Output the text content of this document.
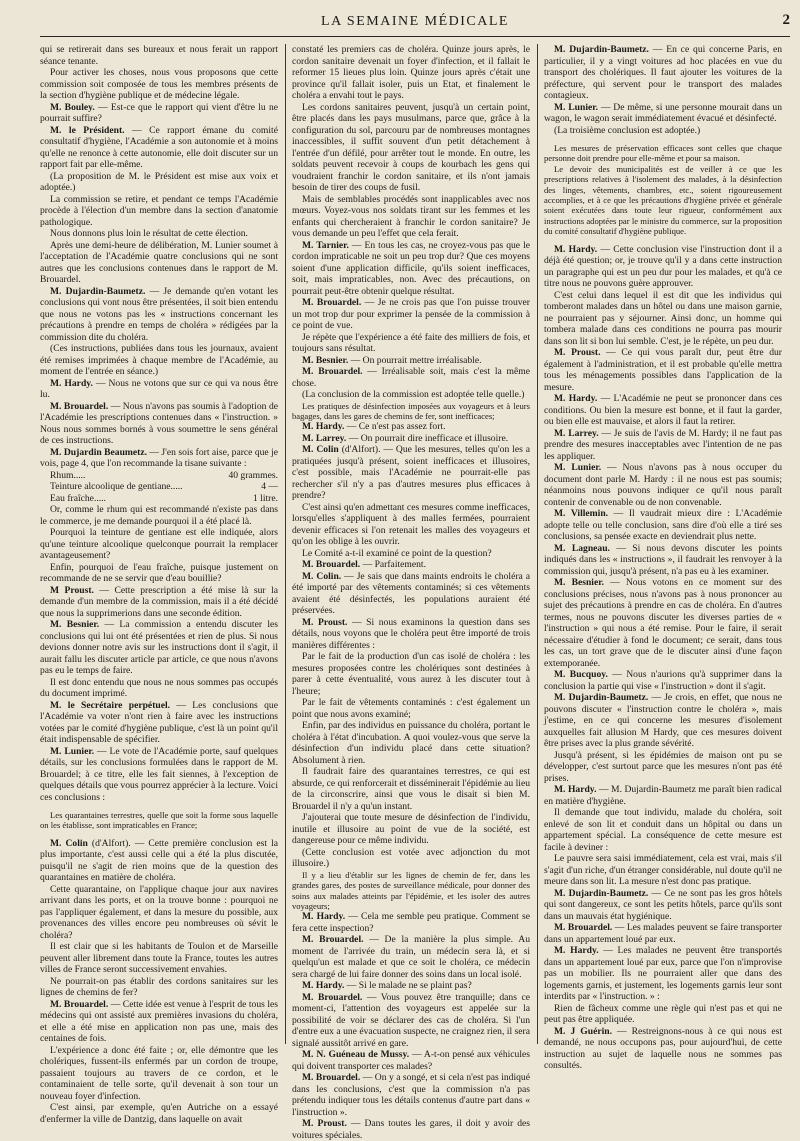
LA SEMAINE MÉDICALE	2

qui se retirerait dans ses bureaux et nous ferait un rapport séance tenante.

Pour activer les choses, nous vous proposons que cette commission soit composée de tous les membres présents de la section d'hygiène publique et de médecine légale.

M. Bouley. — Est-ce que le rapport qui vient d'être lu ne pourrait suffire?

M. le Président. — Ce rapport émane du comité consultatif d'hygiène, l'Académie a son autonomie et à moins qu'elle ne renonce à cette autonomie, elle doit discuter sur un rapport fait par elle-même.

(La proposition de M. le Président est mise aux voix et adoptée.)

La commission se retire, et pendant ce temps l'Académie procède à l'élection d'un membre dans la section d'anatomie pathologique.

Nous donnons plus loin le résultat de cette élection.

Après une demi-heure de délibération, M. Lunier soumet à l'acceptation de l'Académie quatre conclusions qui ne sont autres que les conclusions contenues dans le rapport de M. Brouardel.

M. Dujardin-Baumetz. — Je demande qu'en votant les conclusions qui vont nous être présentées, il soit bien entendu que nous ne votons pas les « instructions concernant les précautions à prendre en temps de choléra » rédigées par la commission dite du choléra.

(Ces instructions, publiées dans tous les journaux, avaient été remises imprimées à chaque membre de l'Académie, au moment de l'entrée en séance.)

M. Hardy. — Nous ne votons que sur ce qui va nous être lu.

M. Brouardel. — Nous n'avons pas soumis à l'adoption de l'Académie les prescriptions contenues dans « l'instruction. » Nous nous sommes bornés à vous soumettre le sens général de ces instructions.

M. Dujardin Beaumetz. — J'en sois fort aise, parce que je vois, page 4, que l'on recommande la tisane suivante :

Rhum.....	40 grammes.

Teinture alcoolique de gentiane.....	4 —

Eau fraîche.....	1 litre.

Or, comme le rhum qui est recommandé n'existe pas dans le commerce, je me demande pourquoi il a été placé là.

Pourquoi la teinture de gentiane est elle indiquée, alors qu'une teinture alcoolique quelconque pourrait la remplacer avantageusement?

Enfin, pourquoi de l'eau fraîche, puisque justement on recommande de ne se servir que d'eau bouillie?

M Proust. — Cette prescription a été mise là sur la demande d'un membre de la commission, mais il a été décidé que nous la supprimerions dans une seconde édition.

M. Besnier. — La commission a entendu discuter les conclusions qui lui ont été présentées et rien de plus. Si nous devions donner notre avis sur les instructions dont il s'agit, il aurait fallu les discuter article par article, ce que nous n'avons pas eu le temps de faire.

Il est donc entendu que nous ne nous sommes pas occupés du document imprimé.

M. le Secrétaire perpétuel. — Les conclusions que l'Académie va voter n'ont rien à faire avec les instructions votées par le comité d'hygiène publique, c'est là un point qu'il était indispensable de spécifier.

M. Lunier. — Le vote de l'Académie porte, sauf quelques détails, sur les conclusions formulées dans le rapport de M. Brouardel; à ce titre, elle les fait siennes, à l'exception de quelques détails que vous pourrez apprécier à la lecture. Voici ces conclusions :

Les quarantaines terrestres, quelle que soit la forme sous laquelle on les établisse, sont impraticables en France;

M. Colin (d'Alfort). — Cette première conclusion est la plus importante, c'est aussi celle qui a été la plus discutée, puisqu'il ne s'agit de rien moins que de la question des quarantaines en matière de choléra.

Cette quarantaine, on l'applique chaque jour aux navires arrivant dans les ports, et on la trouve bonne : pourquoi ne pas l'appliquer également, et dans la mesure du possible, aux provenances des villes encore peu nombreuses où sévit le choléra?

Il est clair que si les habitants de Toulon et de Marseille peuvent aller librement dans toute la France, toutes les autres villes de France seront successivement envahies.

Ne pourrait-on pas établir des cordons sanitaires sur les lignes de chemins de fer?

M. Brouardel. — Cette idée est venue à l'esprit de tous les médecins qui ont assisté aux premières invasions du choléra, et elle a été mise en application non pas une, mais des centaines de fois.

L'expérience a donc été faite ; or, elle démontre que les cholériques, fussent-ils enfermés par un cordon de troupe, passaient toujours au travers de ce cordon, et le contaminaient de telle sorte, qu'il devenait à son tour un nouveau foyer d'infection.

C'est ainsi, par exemple, qu'en Autriche on a essayé d'enfermer la ville de Dantzig, dans laquelle on avait

constaté les premiers cas de choléra. Quinze jours après, le cordon sanitaire devenait un foyer d'infection, et il fallait le reformer 15 lieues plus loin. Quinze jours après c'était une province qu'il fallait isoler, puis un Etat, et finalement le choléra a envahi tout le pays.

Les cordons sanitaires peuvent, jusqu'à un certain point, être placés dans les pays musulmans, parce que, grâce à la configuration du sol, parcouru par de nombreuses montagnes inaccessibles, il suffit souvent d'un petit détachement à l'entrée d'un défilé, pour arrêter tout le monde. En outre, les soldats peuvent recevoir à coups de kourbach les gens qui voudraient franchir le cordon sanitaire, et ils n'ont jamais besoin de tirer des coups de fusil.

Mais de semblables procédés sont inapplicables avec nos mœurs. Voyez-vous nos soldats tirant sur les femmes et les enfants qui chercheraient à franchir le cordon sanitaire? Je vous demande un peu l'effet que cela ferait.

M. Tarnier. — En tous les cas, ne croyez-vous pas que le cordon impraticable ne soit un peu trop dur? Que ces moyens soient d'une application difficile, qu'ils soient inefficaces, soit, mais impraticables, non. Avec des précautions, on pourrait peut-être obtenir quelque résultat.

M. Brouardel. — Je ne crois pas que l'on puisse trouver un mot trop dur pour exprimer la pensée de la commission à ce point de vue.

Je répète que l'expérience a été faite des milliers de fois, et toujours sans résultat.

M. Besnier. — On pourrait mettre irréalisable.

M. Brouardel. — Irréalisable soit, mais c'est la même chose.

(La conclusion de la commission est adoptée telle quelle.)

Les pratiques de désinfection imposées aux voyageurs et à leurs bagages, dans les gares de chemins de fer, sont inefficaces;

M. Hardy. — Ce n'est pas assez fort.

M. Larrey. — On pourrait dire inefficace et illusoire.

M. Colin (d'Alfort). — Que les mesures, telles qu'on les a pratiquées jusqu'à présent, soient inefficaces et illusoires, c'est possible, mais l'Académie ne pourrait-elle pas rechercher s'il n'y a pas d'autres mesures plus efficaces à prendre?

C'est ainsi qu'en admettant ces mesures comme inefficaces, lorsqu'elles s'appliquent à des malles fermées, pourraient devenir efficaces si l'on retenait les malles des voyageurs et qu'on les oblige à les ouvrir.

Le Comité a-t-il examiné ce point de la question?

M. Brouardel. — Parfaitement.

M. Colin. — Je sais que dans maints endroits le choléra a été importé par des vêtements contaminés; si ces vêtements avaient été désinfectés, les populations auraient été préservées.

M. Proust. — Si nous examinons la question dans ses détails, nous voyons que le choléra peut être importé de trois manières différentes :

Par le fait de la production d'un cas isolé de choléra : les mesures proposées contre les cholériques sont destinées à parer à cette éventualité, vous aurez à les discuter tout à l'heure;

Par le fait de vêtements contaminés : c'est également un point que nous avons examiné;

Enfin, par des individus en puissance du choléra, portant le choléra à l'état d'incubation. A quoi voulez-vous que serve la désinfection d'un individu placé dans cette situation? Absolument à rien.

Il faudrait faire des quarantaines terrestres, ce qui est absurde, ce qui renforcerait et disséminerait l'épidémie au lieu de la circonscrire, ainsi que vous le disait si bien M. Brouardel il n'y a qu'un instant.

J'ajouterai que toute mesure de désinfection de l'individu, inutile et illusoire au point de vue de la société, est dangereuse pour ce même individu.

(Cette conclusion est votée avec adjonction du mot illusoire.)

Il y a lieu d'établir sur les lignes de chemin de fer, dans les grandes gares, des postes de surveillance médicale, pour donner des soins aux malades atteints par l'épidémie, et les isoler des autres voyageurs;

M. Hardy. — Cela me semble peu pratique. Comment se fera cette inspection?

M. Brouardel. — De la manière la plus simple. Au moment de l'arrivée du train, un médecin sera là, et si quelqu'un est malade et que ce soit le choléra, ce médecin sera chargé de lui faire donner des soins dans un local isolé.

M. Hardy. — Si le malade ne se plaint pas?

M. Brouardel. — Vous pouvez être tranquille; dans ce moment-ci, l'attention des voyageurs est appelée sur la possibilité de voir se déclarer des cas de choléra. Si l'un d'entre eux a une évacuation suspecte, ne craignez rien, il sera signalé aussitôt arrivé en gare.

M. N. Guéneau de Mussy. — A-t-on pensé aux véhicules qui doivent transporter ces malades?

M. Brouardel. — On y a songé, et si cela n'est pas indiqué dans les conclusions, c'est que la commission n'a pas prétendu indiquer tous les détails contenus d'autre part dans « l'instruction ».

M. Proust. — Dans toutes les gares, il doit y avoir des voitures spéciales.

M. Dujardin-Baumetz. — En ce qui concerne Paris, en particulier, il y a vingt voitures ad hoc placées en vue du transport des cholériques. Il faut ajouter les voitures de la préfecture, qui servent pour le transport des malades contagieux.

M. Lunier. — De même, si une personne mourait dans un wagon, le wagon serait immédiatement évacué et désinfecté.

(La troisième conclusion est adoptée.)

Les mesures de préservation efficaces sont celles que chaque personne doit prendre pour elle-même et pour sa maison.

Le devoir des municipalités est de veiller à ce que les prescriptions relatives à l'isolement des malades, à la désinfection des linges, vêtements, chambres, etc., soient rigoureusement accomplies, et à ce que les précautions d'hygiène privée et générale soient exécutées dans toute leur rigueur, conformément aux instructions adoptées par le ministre du commerce, sur la proposition du comité consultatif d'hygiène publique.

M. Hardy. — Cette conclusion vise l'instruction dont il a déjà été question; or, je trouve qu'il y a dans cette instruction un paragraphe qui est un peu dur pour les malades, et qu'à ce titre nous ne pouvons guère approuver.

C'est celui dans lequel il est dit que les individus qui tomberont malades dans un hôtel ou dans une maison garnie, ne pourraient pas y séjourner. Ainsi donc, un homme qui tombera malade dans ces conditions ne pourra pas mourir dans son lit si bon lui semble. C'est, je le répète, un peu dur.

M. Proust. — Ce qui vous paraît dur, peut être dur également à l'administration, et il est probable qu'elle mettra tous les ménagements possibles dans l'application de la mesure.

M. Hardy. — L'Académie ne peut se prononcer dans ces conditions. Ou bien la mesure est bonne, et il faut la garder, ou bien elle est mauvaise, et alors il faut la retirer.

M. Larrey. — Je suis de l'avis de M. Hardy; il ne faut pas prendre des mesures inacceptables avec l'intention de ne pas les appliquer.

M. Lunier. — Nous n'avons pas à nous occuper du document dont parle M. Hardy : il ne nous est pas soumis; néanmoins nous pouvons indiquer ce qu'il nous paraît contenir de convenable ou de non convenable.

M. Villemin. — Il vaudrait mieux dire : L'Académie adopte telle ou telle conclusion, sans dire d'où elle a tiré ses conclusions, sa pensée exacte en deviendrait plus nette.

M. Lagneau. — Si nous devons discuter les points indiqués dans les « instructions », il faudrait les renvoyer à la commission qui, jusqu'à présent, n'a pas eu à les examiner.

M. Besnier. — Nous votons en ce moment sur des conclusions précises, nous n'avons pas à nous prononcer au sujet des précautions à prendre en cas de choléra. En d'autres termes, nous ne pouvons discuter les diverses parties de « l'instruction » qui nous a été remise. Pour le faire, il serait nécessaire d'étudier à fond le document; ce serait, dans tous les cas, un tort grave que de le discuter ainsi d'une façon extemporanée.

M. Bucquoy. — Nous n'aurions qu'à supprimer dans la conclusion la partie qui vise « l'instruction » dont il s'agit.

M. Dujardin-Baumetz. — Je crois, en effet, que nous ne pouvons discuter « l'instruction contre le choléra », mais j'estime, en ce qui concerne les mesures d'isolement auxquelles fait allusion M Hardy, que ces mesures doivent être prises avec la plus grande sévérité.

Jusqu'à présent, si les épidémies de maison ont pu se développer, c'est surtout parce que les mesures n'ont pas été prises.

M. Hardy. — M. Dujardin-Baumetz me paraît bien radical en matière d'hygiène.

Il demande que tout individu, malade du choléra, soit enlevé de son lit et conduit dans un hôpital ou dans un appartement spécial. La conséquence de cette mesure est facile à deviner :

Le pauvre sera saisi immédiatement, cela est vrai, mais s'il s'agit d'un riche, d'un étranger considérable, nul doute qu'il ne meure dans son lit. La mesure n'est donc pas pratique.

M. Dujardin-Baumetz. — Ce ne sont pas les gros hôtels qui sont dangereux, ce sont les petits hôtels, parce qu'ils sont dans un mauvais état hygiénique.

M. Brouardel. — Les malades peuvent se faire transporter dans un appartement loué par eux.

M. Hardy. — Les malades ne peuvent être transportés dans un appartement loué par eux, parce que l'on n'improvise pas un mobilier. Ils ne pourraient aller que dans des logements garnis, et justement, les logements garnis leur sont interdits par « l'instruction. » :

Rien de fâcheux comme une règle qui n'est pas et qui ne peut pas être appliquée.

M. J Guérin. — Restreignons-nous à ce qui nous est demandé, ne nous occupons pas, pour aujourd'hui, de cette instruction au sujet de laquelle nous ne sommes pas consultés.
